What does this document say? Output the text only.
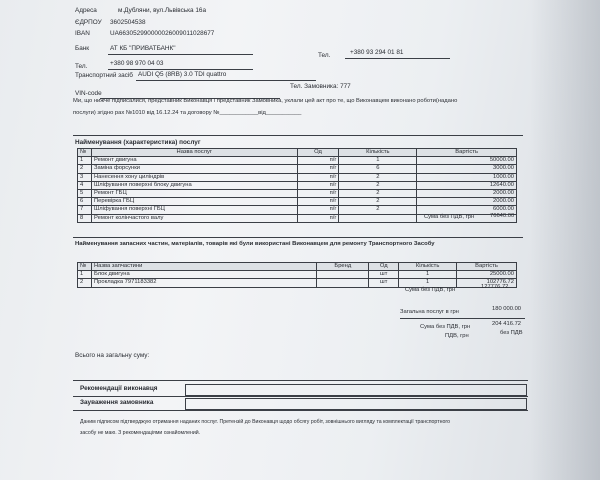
Адреса	м.Дубляни, вул.Львівська 16а
ЄДРПОУ 3602504538
IBAN	UA663052990000026009011028677
Банк	АТ КБ "ПРИВАТБАНК"
Тел.	+380 93 294 01 81
Тел.	+380 98 970 04 03
Транспортний засіб AUDI Q5 (8RB) 3.0 TDI quattro
VIN-code
Тел. Замовника: 777
Ми, що нижче підписалися, представник Виконавця і представник Замовника, уклали цей акт про те, що Виконавцем виконано роботи(надано
послуги) згідно рах №1010 від 16.12.24 та договору №____________від___________
Найменування (характеристика) послуг
№	Назва послуг	Од	Кількість	Вартість
1	Ремонт двигуна	п/г	1	50000.00
2	Заміна форсунки	п/г	6	3000.00
3	Нанесення хону циліндрів	п/г	2	1000.00
4	Шліфування поверхні блоку двигуна	п/г	2	12640.00
5	Ремонт ГБЦ	п/г	2	2000.00
6	Перевірка ГБЦ	п/г	2	2000.00
7	Шліфування поверхні ГБЦ	п/г	2	6000.00
8	Ремонт колінчастого валу	п/г			Сума без ПДВ, грн	76640.00
Найменування запасних частин, матеріалів, товарів які були використані Виконавцем для ремонту Транспортного Засобу
№	Назва запчастини	Бренд	Од	Кількість	Вартість
1	Блок двигуна		шт	1	25000.00
2	Прокладка 7971183382		шт	1	102776.72
Сума без ПДВ, грн	127776.72
Загальна послуг в грн	180 000.00
Сума без ПДВ, грн	204 416.72
ПДВ, грн	без ПДВ
Всього на загальну суму:
Рекомендації виконавця
Зауваження замовника
Даним підписом підтверджую отримання наданих послуг. Претензій до Виконавця щодо обсягу робіт, зовнішнього вигляду та комплектації транспортного
засобу не маю. З рекомендаціями ознайомлений.
